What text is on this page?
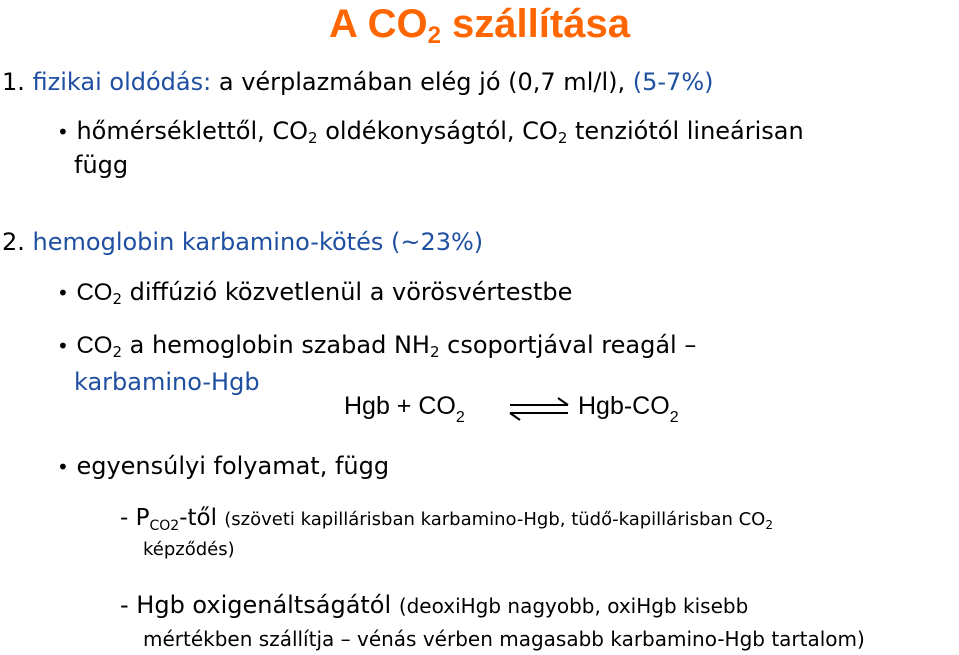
A $CO_2$ szállítása
1. fizikai oldódás: a vérplazmában elég jó (0,7 ml/l), (5-7%)
• hőmérséklettől, $CO_2$ oldékonyságtól, $CO_2$ tenziótól lineárisan
függ
2. hemoglobin karbamino-kötés (~23%)
• $CO_2$ diffúzió közvetlenül a vörösvértestbe
• $CO_2$ a hemoglobin szabad $NH_2$ csoportjával reagál –
karbamino-Hgb
Hgb + $CO_2$	⇌ Hgb-$CO_2$
• egyensúlyi folyamat, függ
- $P_{CO2}$-től (szöveti kapillárisban karbamino-Hgb, tüdő-kapillárisban $CO_2$
képződés)
- Hgb oxigenáltságától (deoxiHgb nagyobb, oxiHgb kisebb
mértékben szállítja – vénás vérben magasabb karbamino-Hgb tartalom)
